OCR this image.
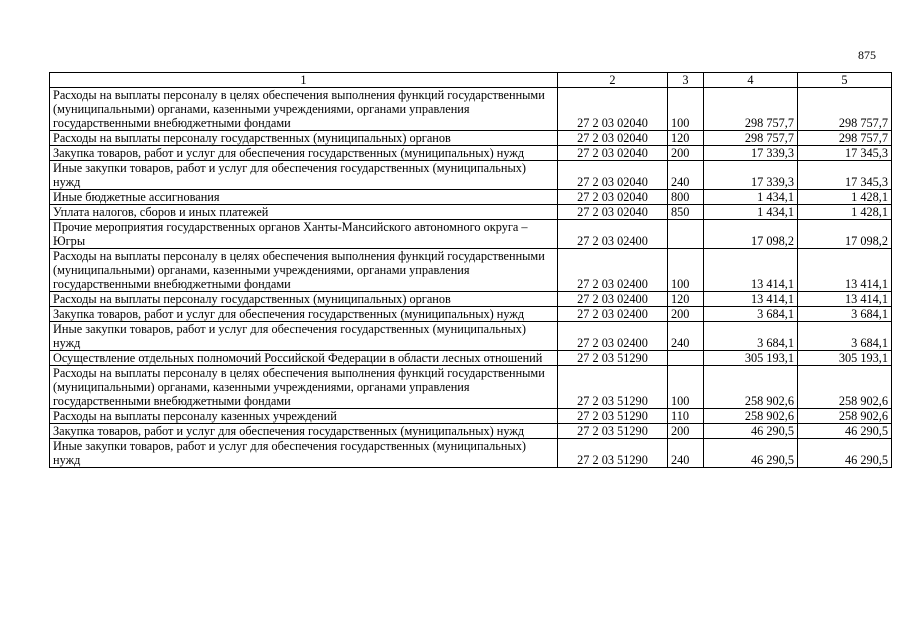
875
1	2	3	4	5
Расходы на выплаты персоналу в целях обеспечения выполнения функций государственными (муниципальными) органами, казенными учреждениями, органами управления государственными внебюджетными фондами	27 2 03 02040	100	298 757,7	298 757,7
Расходы на выплаты персоналу государственных (муниципальных) органов	27 2 03 02040	120	298 757,7	298 757,7
Закупка товаров, работ и услуг для обеспечения государственных (муниципальных) нужд	27 2 03 02040	200	17 339,3	17 345,3
Иные закупки товаров, работ и услуг для обеспечения государственных (муниципальных) нужд	27 2 03 02040	240	17 339,3	17 345,3
Иные бюджетные ассигнования	27 2 03 02040	800	1 434,1	1 428,1
Уплата налогов, сборов и иных платежей	27 2 03 02040	850	1 434,1	1 428,1
Прочие мероприятия государственных органов Ханты-Мансийского автономного округа – Югры	27 2 03 02400		17 098,2	17 098,2
Расходы на выплаты персоналу в целях обеспечения выполнения функций государственными (муниципальными) органами, казенными учреждениями, органами управления государственными внебюджетными фондами	27 2 03 02400	100	13 414,1	13 414,1
Расходы на выплаты персоналу государственных (муниципальных) органов	27 2 03 02400	120	13 414,1	13 414,1
Закупка товаров, работ и услуг для обеспечения государственных (муниципальных) нужд	27 2 03 02400	200	3 684,1	3 684,1
Иные закупки товаров, работ и услуг для обеспечения государственных (муниципальных) нужд	27 2 03 02400	240	3 684,1	3 684,1
Осуществление отдельных полномочий Российской Федерации в области лесных отношений	27 2 03 51290		305 193,1	305 193,1
Расходы на выплаты персоналу в целях обеспечения выполнения функций государственными (муниципальными) органами, казенными учреждениями, органами управления государственными внебюджетными фондами	27 2 03 51290	100	258 902,6	258 902,6
Расходы на выплаты персоналу казенных учреждений	27 2 03 51290	110	258 902,6	258 902,6
Закупка товаров, работ и услуг для обеспечения государственных (муниципальных) нужд	27 2 03 51290	200	46 290,5	46 290,5
Иные закупки товаров, работ и услуг для обеспечения государственных (муниципальных) нужд	27 2 03 51290	240	46 290,5	46 290,5
